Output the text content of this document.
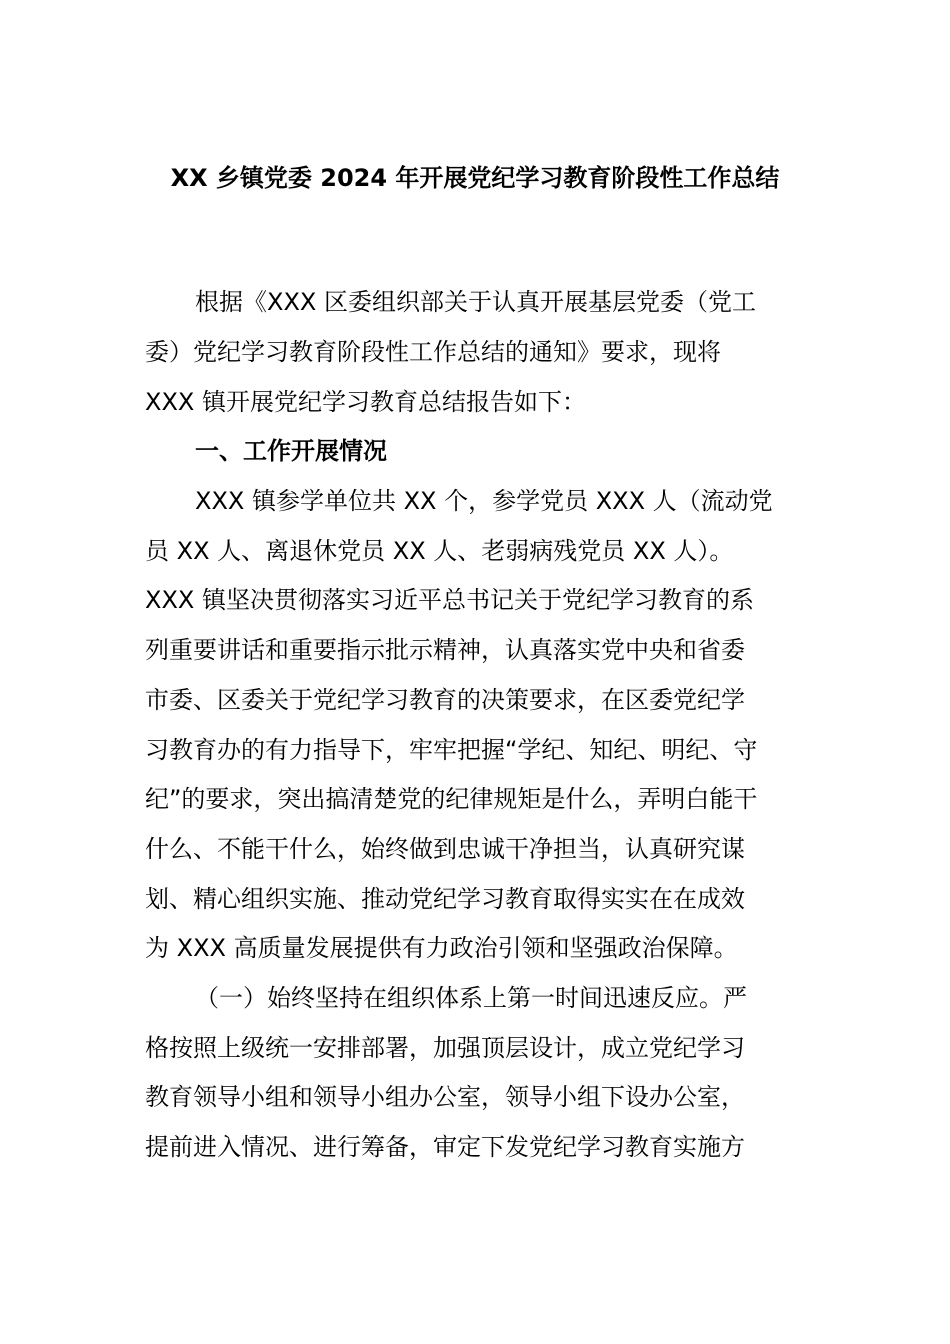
XX 乡镇党委 2024 年开展党纪学习教育阶段性工作总结
根据《XXX 区委组织部关于认真开展基层党委（党工
委）党纪学习教育阶段性工作总结的通知》要求，现将
XXX 镇开展党纪学习教育总结报告如下：
一、工作开展情况
XXX 镇参学单位共 XX 个，参学党员 XXX 人（流动党
员 XX 人、离退休党员 XX 人、老弱病残党员 XX 人）。
XXX 镇坚决贯彻落实习近平总书记关于党纪学习教育的系
列重要讲话和重要指示批示精神，认真落实党中央和省委
市委、区委关于党纪学习教育的决策要求，在区委党纪学
习教育办的有力指导下，牢牢把握“学纪、知纪、明纪、守
纪”的要求，突出搞清楚党的纪律规矩是什么，弄明白能干
什么、不能干什么，始终做到忠诚干净担当，认真研究谋
划、精心组织实施、推动党纪学习教育取得实实在在成效
为 XXX 高质量发展提供有力政治引领和坚强政治保障。
（一）始终坚持在组织体系上第一时间迅速反应。严
格按照上级统一安排部署，加强顶层设计，成立党纪学习
教育领导小组和领导小组办公室，领导小组下设办公室，
提前进入情况、进行筹备，审定下发党纪学习教育实施方
